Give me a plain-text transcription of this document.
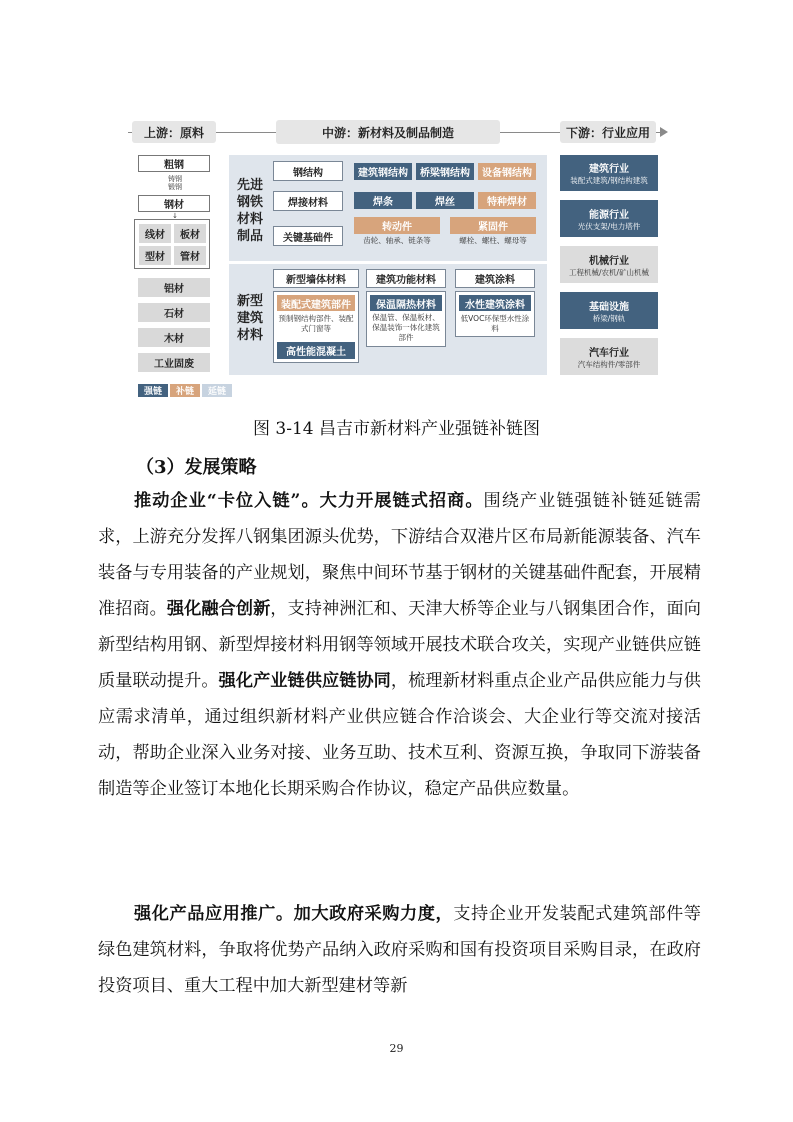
上游：原料	中游：新材料及制品制造	下游：行业应用
粗钢
铸钢
锻钢
钢材
↓
线材	板材
型材	管材
铝材
石材
木材
工业固废
强链	补链	延链
先进
钢铁
材料
制品
钢结构
焊接材料
关键基础件
建筑钢结构	桥梁钢结构	设备钢结构
焊条	焊丝	特种焊材
转动件
齿轮、轴承、链条等
紧固件
螺栓、螺柱、螺母等
新型
建筑
材料
新型墙体材料
装配式建筑部件
预制钢结构部件、装配式门窗等
高性能混凝土
建筑功能材料
保温隔热材料
保温管、保温板材、保温装饰一体化建筑部件
建筑涂料
水性建筑涂料
低VOC环保型水性涂料
建筑行业
装配式建筑/钢结构建筑
能源行业
光伏支架/电力塔件
机械行业
工程机械/农机/矿山机械
基础设施
桥梁/钢轨
汽车行业
汽车结构件/零部件
图 3-14 昌吉市新材料产业强链补链图
（3）发展策略

推动企业“卡位入链”。大力开展链式招商。围绕产业链强链补链延链需求，上游充分发挥八钢集团源头优势，下游结合双港片区布局新能源装备、汽车装备与专用装备的产业规划，聚焦中间环节基于钢材的关键基础件配套，开展精准招商。强化融合创新，支持神洲汇和、天津大桥等企业与八钢集团合作，面向新型结构用钢、新型焊接材料用钢等领域开展技术联合攻关，实现产业链供应链质量联动提升。强化产业链供应链协同，梳理新材料重点企业产品供应能力与供应需求清单，通过组织新材料产业供应链合作洽谈会、大企业行等交流对接活动，帮助企业深入业务对接、业务互助、技术互利、资源互换，争取同下游装备制造等企业签订本地化长期采购合作协议，稳定产品供应数量。

强化产品应用推广。加大政府采购力度，支持企业开发装配式建筑部件等绿色建筑材料，争取将优势产品纳入政府采购和国有投资项目采购目录，在政府投资项目、重大工程中加大新型建材等新

29
